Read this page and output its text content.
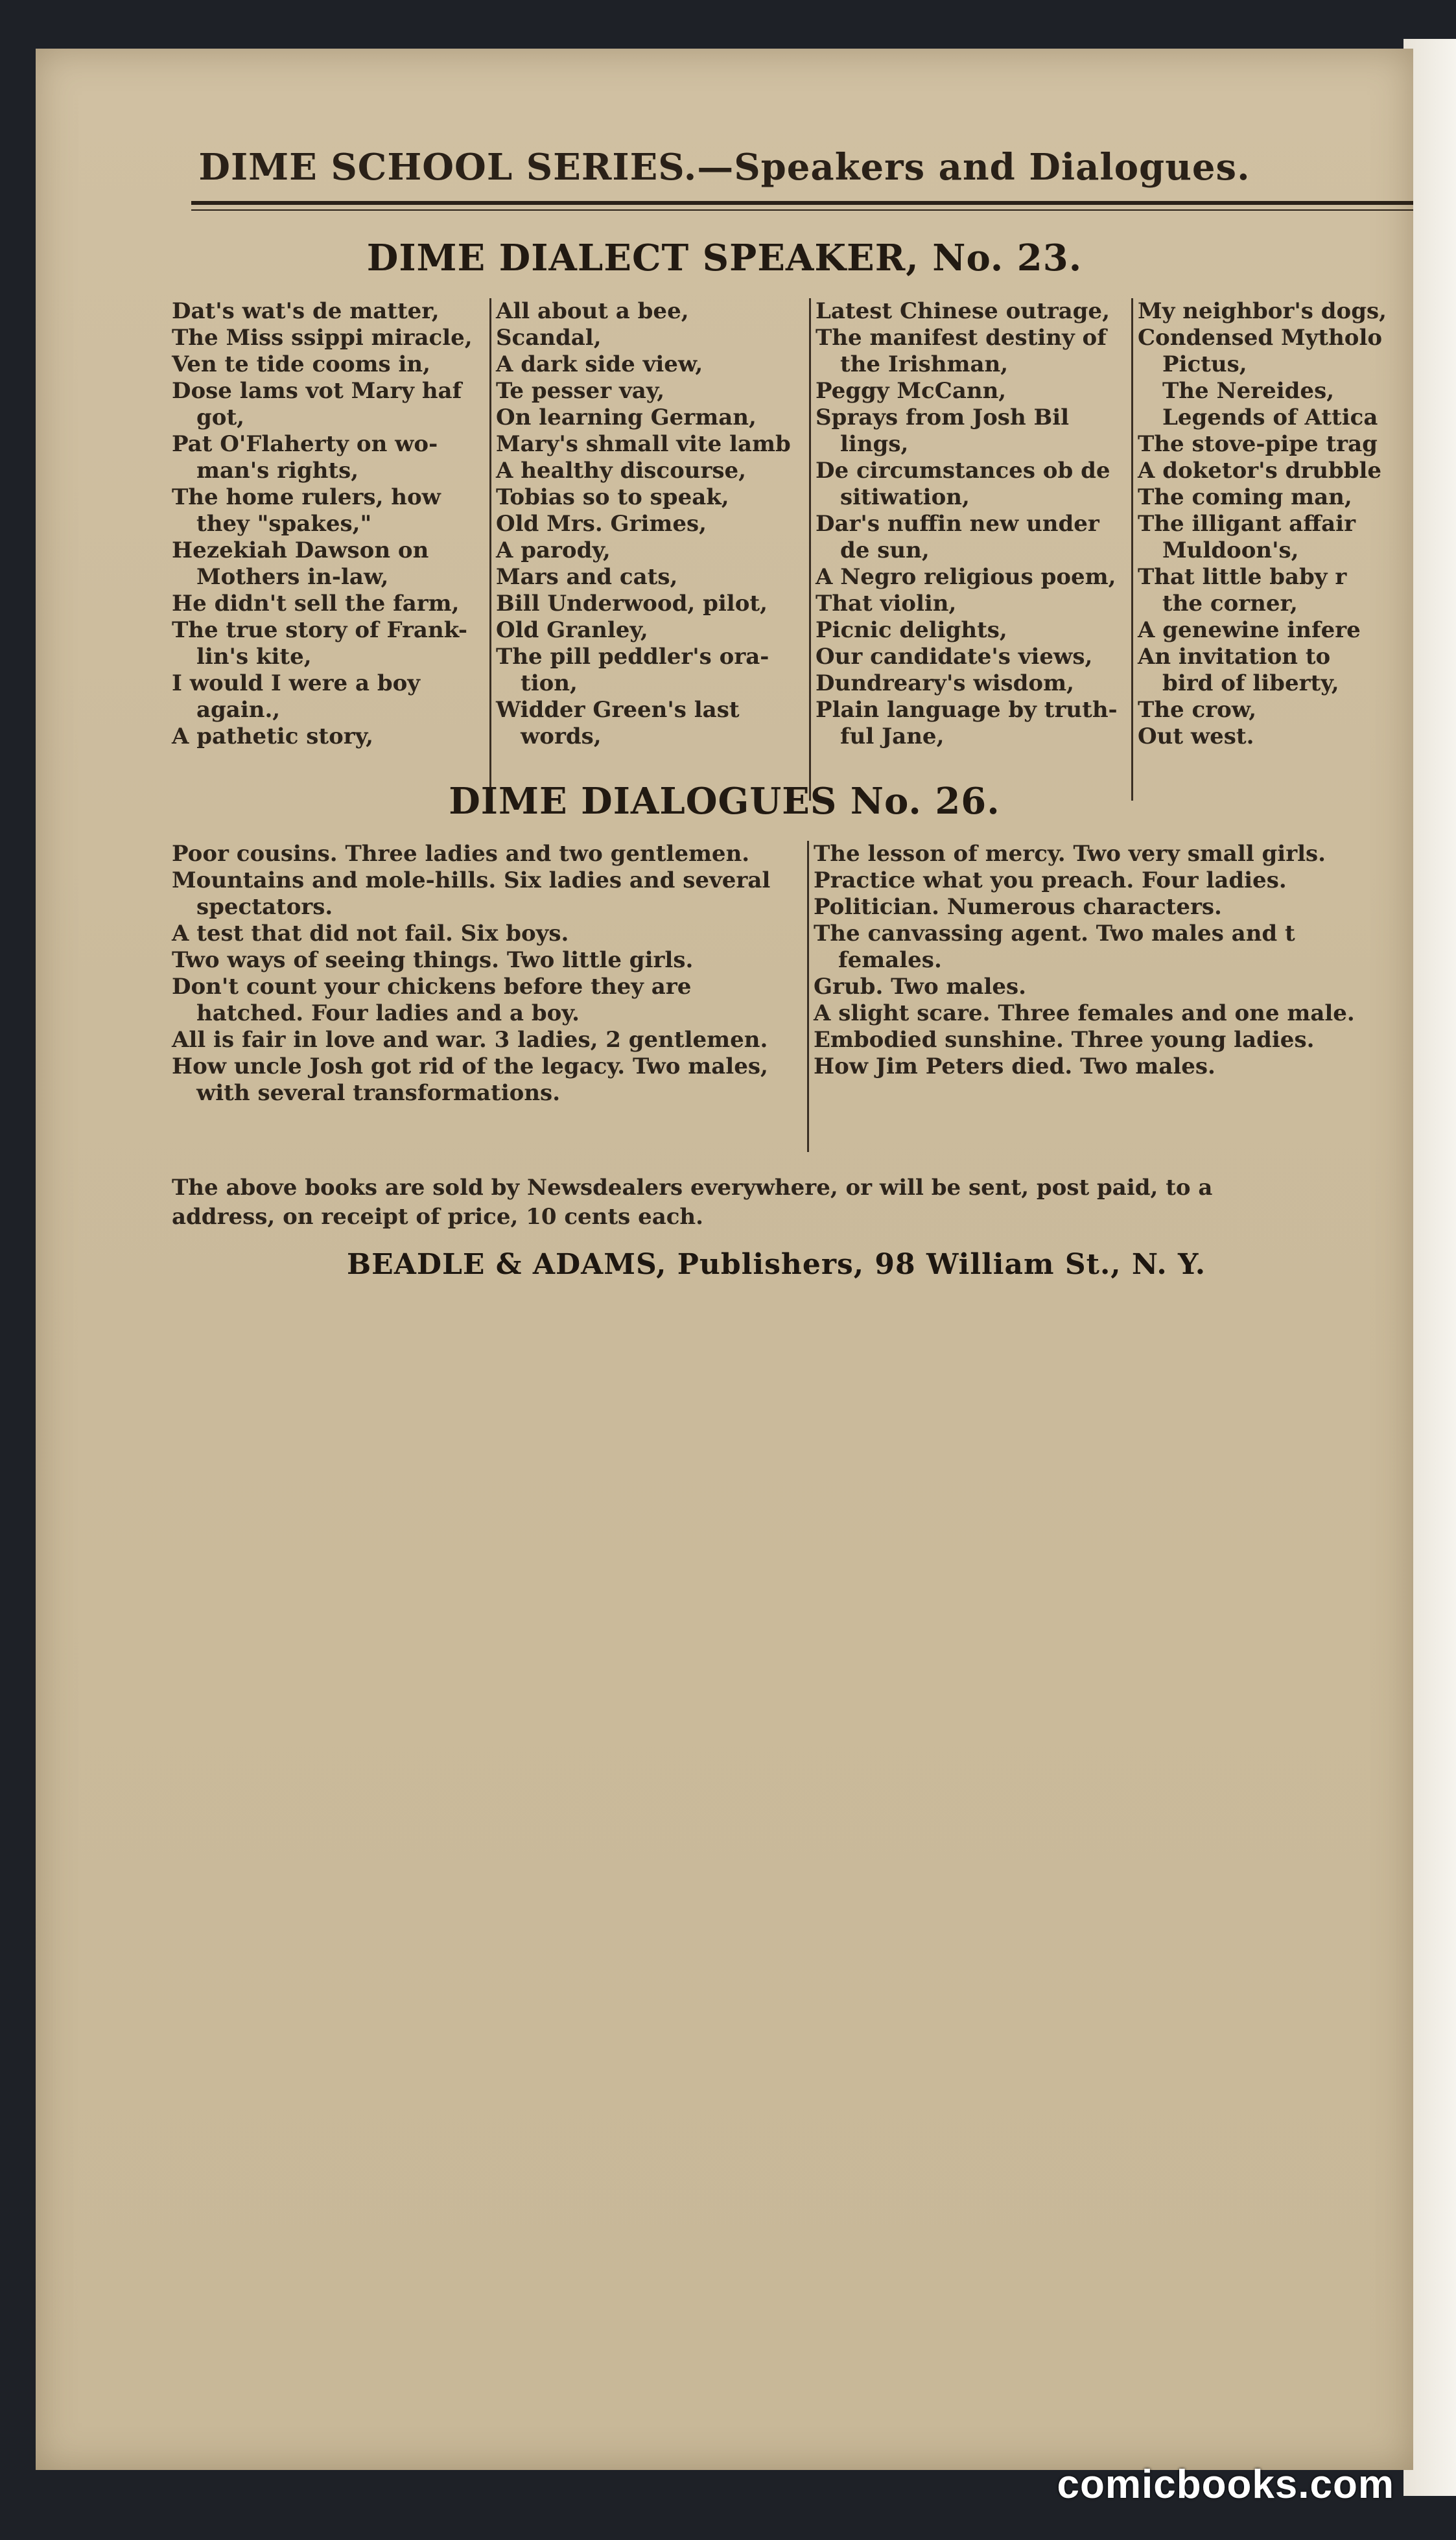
DIME SCHOOL SERIES.—Speakers and Dialogues.
DIME DIALECT SPEAKER, No. 23.

Dat's wat's de matter,

The Miss ssippi miracle,

Ven te tide cooms in,

Dose lams vot Mary haf

got,

Pat O'Flaherty on wo-

man's rights,

The home rulers, how

they "spakes,"

Hezekiah Dawson on

Mothers in-law,

He didn't sell the farm,

The true story of Frank-

lin's kite,

I would I were a boy

again.,

A pathetic story,

All about a bee,

Scandal,

A dark side view,

Te pesser vay,

On learning German,

Mary's shmall vite lamb

A healthy discourse,

Tobias so to speak,

Old Mrs. Grimes,

A parody,

Mars and cats,

Bill Underwood, pilot,

Old Granley,

The pill peddler's ora-

tion,

Widder Green's last

words,

Latest Chinese outrage,

The manifest destiny of

the Irishman,

Peggy McCann,

Sprays from Josh Bil

lings,

De circumstances ob de

sitiwation,

Dar's nuffin new under

de sun,

A Negro religious poem,

That violin,

Picnic delights,

Our candidate's views,

Dundreary's wisdom,

Plain language by truth-

ful Jane,

My neighbor's dogs,

Condensed Mytholo

Pictus,

The Nereides,

Legends of Attica

The stove-pipe trag

A doketor's drubble

The coming man,

The illigant affair

Muldoon's,

That little baby r

the corner,

A genewine infere

An invitation to

bird of liberty,

The crow,

Out west.

DIME DIALOGUES No. 26.

Poor cousins. Three ladies and two gentlemen.

Mountains and mole-hills. Six ladies and several

spectators.

A test that did not fail. Six boys.

Two ways of seeing things. Two little girls.

Don't count your chickens before they are

hatched. Four ladies and a boy.

All is fair in love and war. 3 ladies, 2 gentlemen.

How uncle Josh got rid of the legacy. Two males,

with several transformations.

The lesson of mercy. Two very small girls.

Practice what you preach. Four ladies.

Politician. Numerous characters.

The canvassing agent. Two males and t

females.

Grub. Two males.

A slight scare. Three females and one male.

Embodied sunshine. Three young ladies.

How Jim Peters died. Two males.

The above books are sold by Newsdealers everywhere, or will be sent, post paid, to a
address, on receipt of price, 10 cents each.
BEADLE & ADAMS, Publishers, 98 William St., N. Y.
comicbooks.com
